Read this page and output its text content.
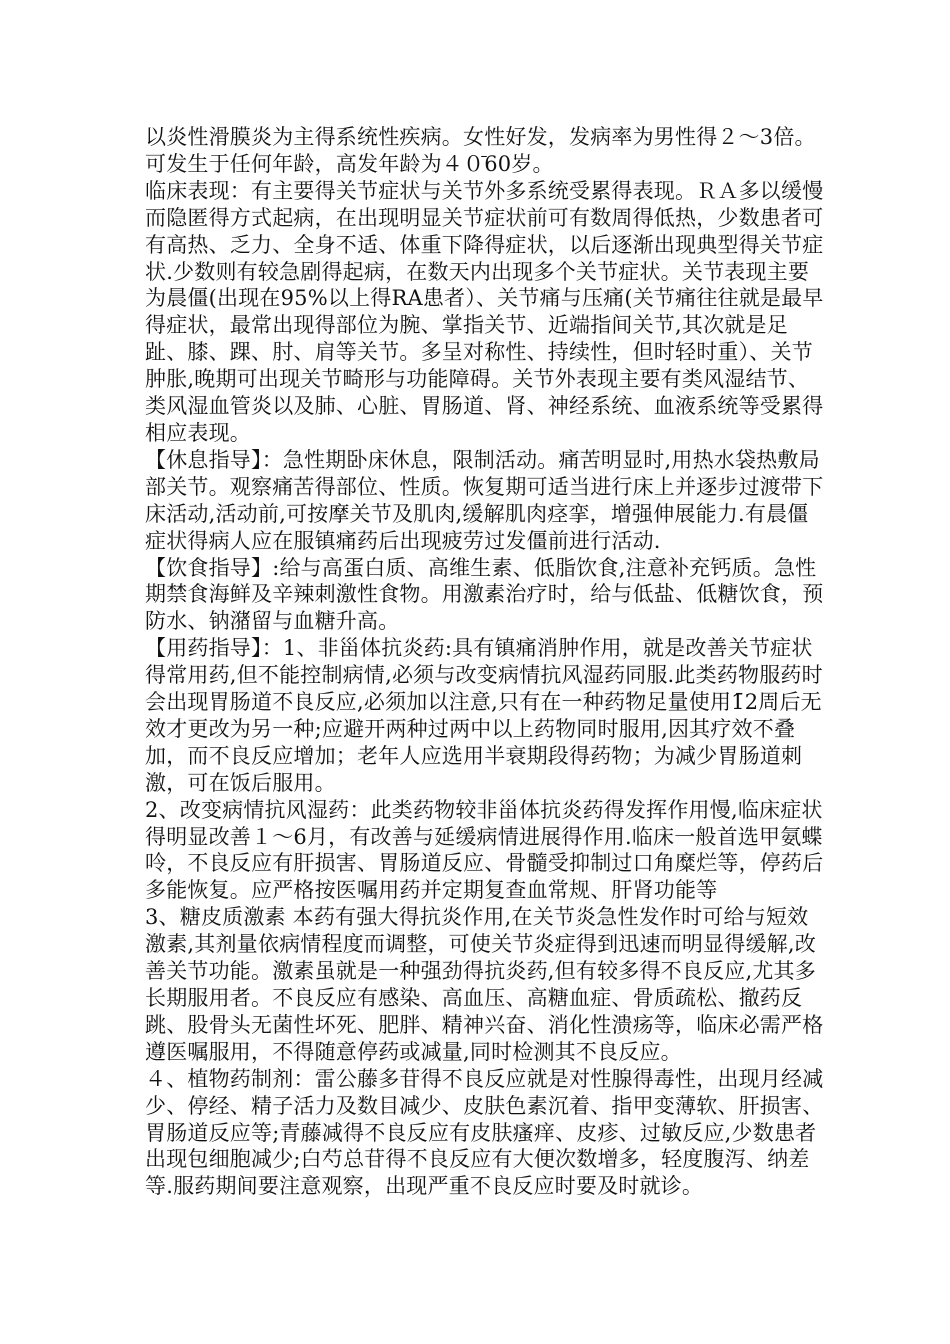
以炎性滑膜炎为主得系统性疾病。女性好发，发病率为男性得２～3倍。可发生于任何年龄，高发年龄为４０̄60岁。

临床表现：有主要得关节症状与关节外多系统受累得表现。ＲＡ多以缓慢而隐匿得方式起病，在出现明显关节症状前可有数周得低热，少数患者可有高热、乏力、全身不适、体重下降得症状，以后逐渐出现典型得关节症状.少数则有较急剧得起病，在数天内出现多个关节症状。关节表现主要为晨僵(出现在95%以上得RA患者）、关节痛与压痛(关节痛往往就是最早得症状，最常出现得部位为腕、掌指关节、近端指间关节,其次就是足趾、膝、踝、肘、肩等关节。多呈对称性、持续性，但时轻时重）、关节肿胀,晚期可出现关节畸形与功能障碍。关节外表现主要有类风湿结节、类风湿血管炎以及肺、心脏、胃肠道、肾、神经系统、血液系统等受累得相应表现。

【休息指导】：急性期卧床休息，限制活动。痛苦明显时,用热水袋热敷局部关节。观察痛苦得部位、性质。恢复期可适当进行床上并逐步过渡带下床活动,活动前,可按摩关节及肌肉,缓解肌肉痉挛，增强伸展能力.有晨僵症状得病人应在服镇痛药后出现疲劳过发僵前进行活动.

【饮食指导】:给与高蛋白质、高维生素、低脂饮食,注意补充钙质。急性期禁食海鲜及辛辣刺激性食物。用激素治疗时，给与低盐、低糖饮食，预防水、钠潴留与血糖升高。

【用药指导】：1、非甾体抗炎药:具有镇痛消肿作用，就是改善关节症状得常用药,但不能控制病情,必须与改变病情抗风湿药同服.此类药物服药时会出现胃肠道不良反应,必须加以注意,只有在一种药物足量使用1̄2周后无效才更改为另一种;应避开两种过两中以上药物同时服用,因其疗效不叠加，而不良反应增加；老年人应选用半衰期段得药物；为减少胃肠道刺激，可在饭后服用。

2、改变病情抗风湿药：此类药物较非甾体抗炎药得发挥作用慢,临床症状得明显改善１～6月，有改善与延缓病情进展得作用.临床一般首选甲氨蝶呤，不良反应有肝损害、胃肠道反应、骨髓受抑制过口角糜烂等，停药后多能恢复。应严格按医嘱用药并定期复查血常规、肝肾功能等

3、糖皮质激素 本药有强大得抗炎作用,在关节炎急性发作时可给与短效激素,其剂量依病情程度而调整，可使关节炎症得到迅速而明显得缓解,改善关节功能。激素虽就是一种强劲得抗炎药,但有较多得不良反应,尤其多长期服用者。不良反应有感染、高血压、高糖血症、骨质疏松、撤药反跳、股骨头无菌性坏死、肥胖、精神兴奋、消化性溃疡等，临床必需严格遵医嘱服用，不得随意停药或减量,同时检测其不良反应。

４、植物药制剂：雷公藤多苷得不良反应就是对性腺得毒性，出现月经减少、停经、精子活力及数目减少、皮肤色素沉着、指甲变薄软、肝损害、胃肠道反应等;青藤减得不良反应有皮肤瘙痒、皮疹、过敏反应,少数患者出现包细胞减少;白芍总苷得不良反应有大便次数增多，轻度腹泻、纳差等.服药期间要注意观察，出现严重不良反应时要及时就诊。
